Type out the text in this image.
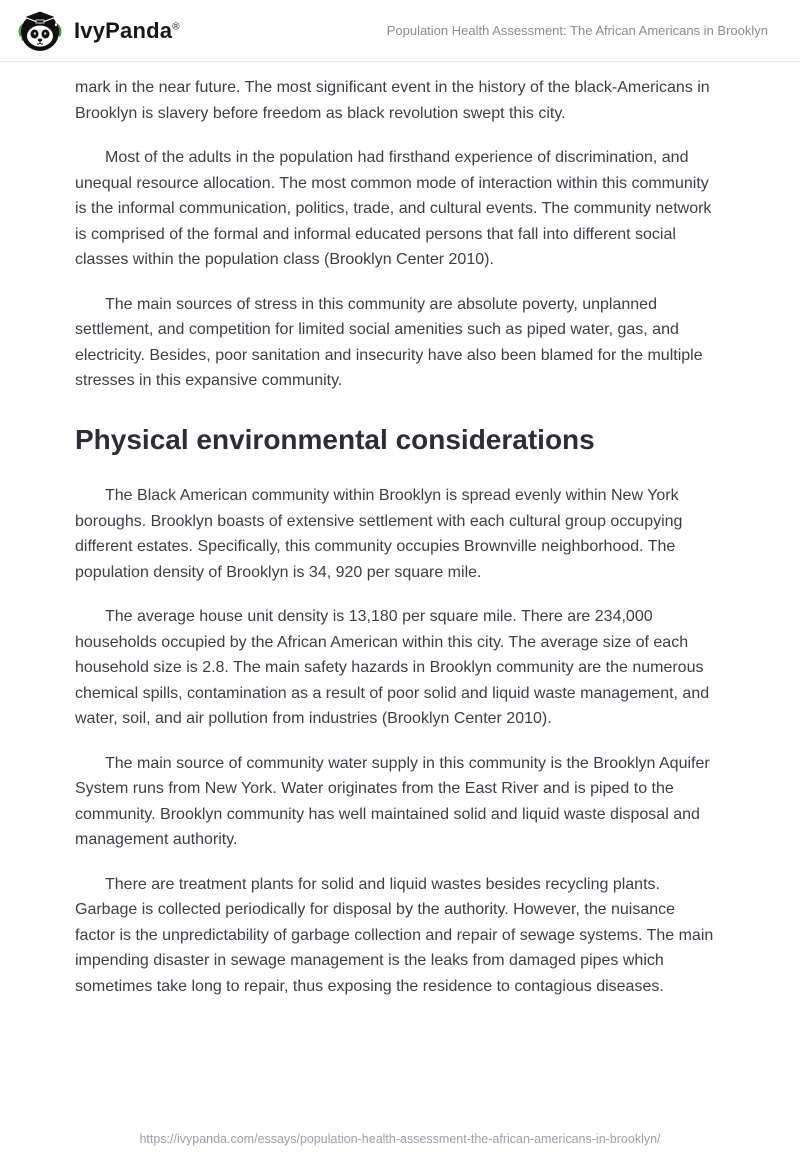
IvyPanda®	Population Health Assessment: The African Americans in Brooklyn

mark in the near future. The most significant event in the history of the black-Americans in Brooklyn is slavery before freedom as black revolution swept this city.

Most of the adults in the population had firsthand experience of discrimination, and unequal resource allocation. The most common mode of interaction within this community is the informal communication, politics, trade, and cultural events. The community network is comprised of the formal and informal educated persons that fall into different social classes within the population class (Brooklyn Center 2010).

The main sources of stress in this community are absolute poverty, unplanned settlement, and competition for limited social amenities such as piped water, gas, and electricity. Besides, poor sanitation and insecurity have also been blamed for the multiple stresses in this expansive community.

Physical environmental considerations

The Black American community within Brooklyn is spread evenly within New York boroughs. Brooklyn boasts of extensive settlement with each cultural group occupying different estates. Specifically, this community occupies Brownville neighborhood. The population density of Brooklyn is 34, 920 per square mile.

The average house unit density is 13,180 per square mile. There are 234,000 households occupied by the African American within this city. The average size of each household size is 2.8. The main safety hazards in Brooklyn community are the numerous chemical spills, contamination as a result of poor solid and liquid waste management, and water, soil, and air pollution from industries (Brooklyn Center 2010).

The main source of community water supply in this community is the Brooklyn Aquifer System runs from New York. Water originates from the East River and is piped to the community. Brooklyn community has well maintained solid and liquid waste disposal and management authority.

There are treatment plants for solid and liquid wastes besides recycling plants. Garbage is collected periodically for disposal by the authority. However, the nuisance factor is the unpredictability of garbage collection and repair of sewage systems. The main impending disaster in sewage management is the leaks from damaged pipes which sometimes take long to repair, thus exposing the residence to contagious diseases.

https://ivypanda.com/essays/population-health-assessment-the-african-americans-in-brooklyn/
